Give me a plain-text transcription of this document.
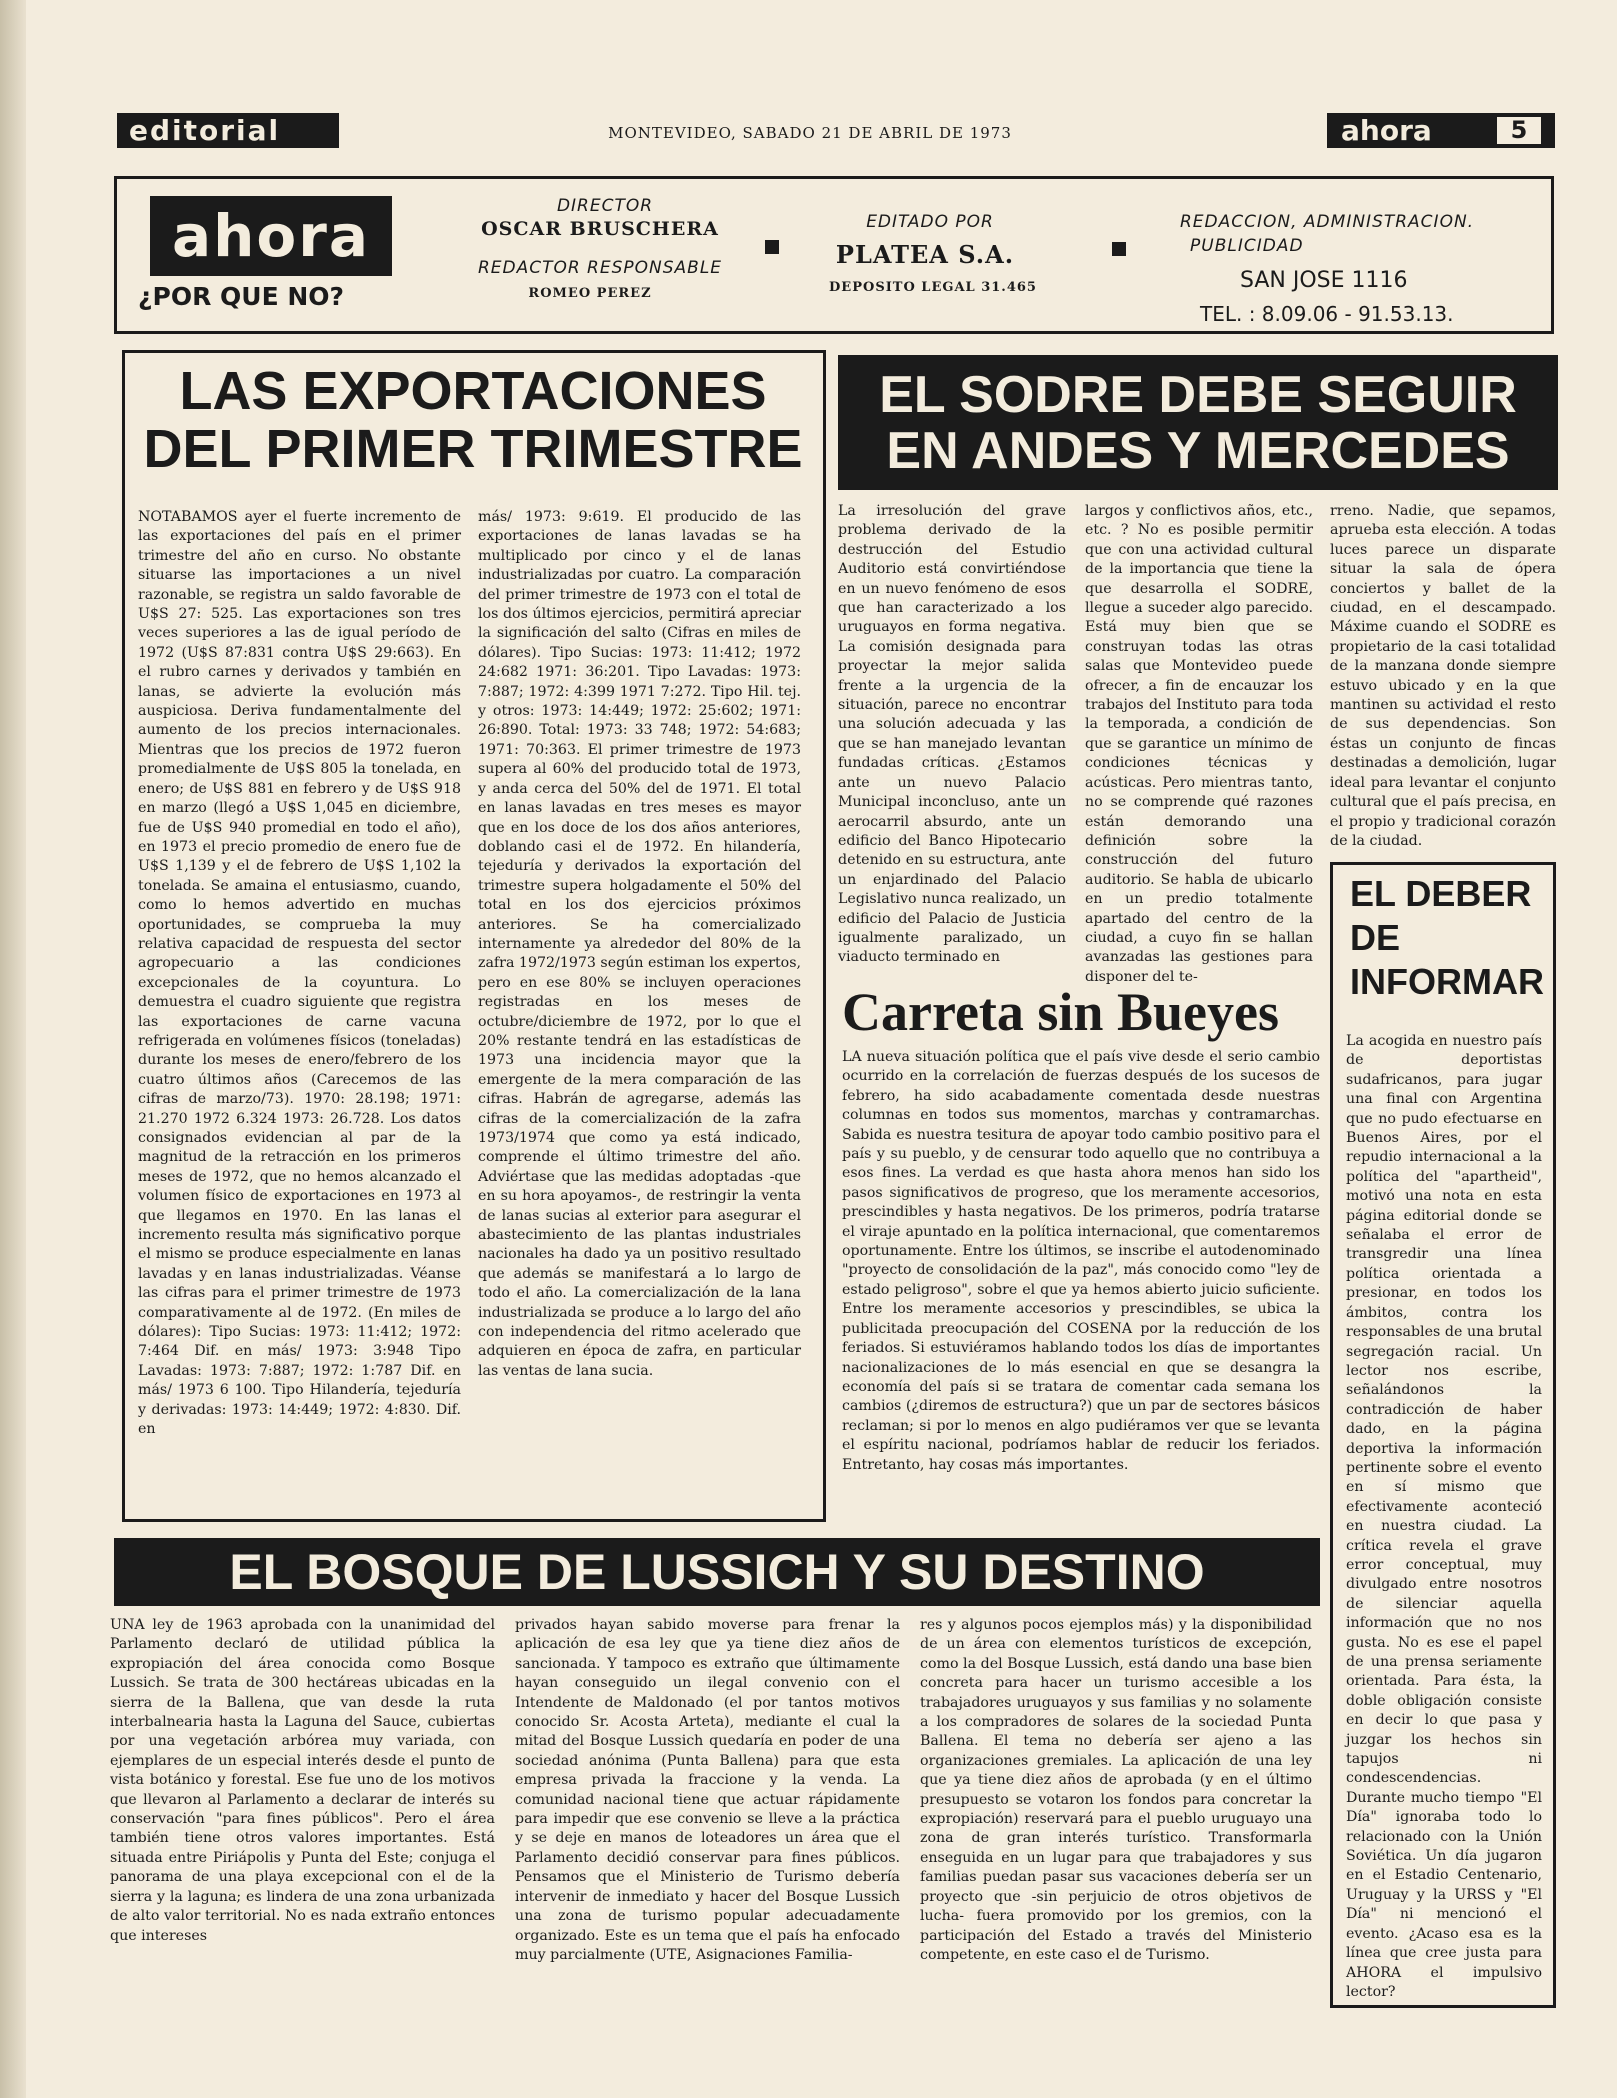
editorial	MONTEVIDEO, SABADO 21 DE ABRIL DE 1973	ahora	5
ahora
¿POR QUE NO?
DIRECTOR
OSCAR BRUSCHERA
REDACTOR RESPONSABLE
ROMEO PEREZ
EDITADO POR
PLATEA S.A.
DEPOSITO LEGAL 31.465
REDACCION, ADMINISTRACION.
PUBLICIDAD
SAN JOSE 1116
TEL. : 8.09.06 - 91.53.13.
LAS EXPORTACIONES DEL PRIMER TRIMESTRE
NOTABAMOS ayer el fuerte incremento de las exportaciones del país en el primer trimestre del año en curso. No obstante situarse las importaciones a un nivel razonable, se registra un saldo favorable de U$S 27: 525. Las exportaciones son tres veces superiores a las de igual período de 1972 (U$S 87:831 contra U$S 29:663). En el rubro carnes y derivados y también en lanas, se advierte la evolución más auspiciosa. Deriva fundamentalmente del aumento de los precios internacionales. Mientras que los precios de 1972 fueron promedialmente de U$S 805 la tonelada, en enero; de U$S 881 en febrero y de U$S 918 en marzo (llegó a U$S 1,045 en diciembre, fue de U$S 940 promedial en todo el año), en 1973 el precio promedio de enero fue de U$S 1,139 y el de febrero de U$S 1,102 la tonelada. Se amaina el entusiasmo, cuando, como lo hemos advertido en muchas oportunidades, se comprueba la muy relativa capacidad de respuesta del sector agropecuario a las condiciones excepcionales de la coyuntura. Lo demuestra el cuadro siguiente que registra las exportaciones de carne vacuna refrigerada en volúmenes físicos (toneladas) durante los meses de enero/febrero de los cuatro últimos años (Carecemos de las cifras de marzo/73). 1970: 28.198; 1971: 21.270 1972 6.324 1973: 26.728. Los datos consignados evidencian al par de la magnitud de la retracción en los primeros meses de 1972, que no hemos alcanzado el volumen físico de exportaciones en 1973 al que llegamos en 1970. En las lanas el incremento resulta más significativo porque el mismo se produce especialmente en lanas lavadas y en lanas industrializadas. Véanse las cifras para el primer trimestre de 1973 comparativamente al de 1972. (En miles de dólares): Tipo Sucias: 1973: 11:412; 1972: 7:464 Dif. en más/ 1973: 3:948 Tipo Lavadas: 1973: 7:887; 1972: 1:787 Dif. en más/ 1973 6 100. Tipo Hilandería, tejeduría y derivadas: 1973: 14:449; 1972: 4:830. Dif. en
más/ 1973: 9:619. El producido de las exportaciones de lanas lavadas se ha multiplicado por cinco y el de lanas industrializadas por cuatro. La comparación del primer trimestre de 1973 con el total de los dos últimos ejercicios, permitirá apreciar la significación del salto (Cifras en miles de dólares). Tipo Sucias: 1973: 11:412; 1972 24:682 1971: 36:201. Tipo Lavadas: 1973: 7:887; 1972: 4:399 1971 7:272. Tipo Hil. tej. y otros: 1973: 14:449; 1972: 25:602; 1971: 26:890. Total: 1973: 33 748; 1972: 54:683; 1971: 70:363. El primer trimestre de 1973 supera al 60% del producido total de 1973, y anda cerca del 50% del de 1971. El total en lanas lavadas en tres meses es mayor que en los doce de los dos años anteriores, doblando casi el de 1972. En hilandería, tejeduría y derivados la exportación del trimestre supera holgadamente el 50% del total en los dos ejercicios próximos anteriores. Se ha comercializado internamente ya alrededor del 80% de la zafra 1972/1973 según estiman los expertos, pero en ese 80% se incluyen operaciones registradas en los meses de octubre/diciembre de 1972, por lo que el 20% restante tendrá en las estadísticas de 1973 una incidencia mayor que la emergente de la mera comparación de las cifras. Habrán de agregarse, además las cifras de la comercialización de la zafra 1973/1974 que como ya está indicado, comprende el último trimestre del año. Adviértase que las medidas adoptadas -que en su hora apoyamos-, de restringir la venta de lanas sucias al exterior para asegurar el abastecimiento de las plantas industriales nacionales ha dado ya un positivo resultado que además se manifestará a lo largo de todo el año. La comercialización de la lana industrializada se produce a lo largo del año con independencia del ritmo acelerado que adquieren en época de zafra, en particular las ventas de lana sucia.
EL SODRE DEBE SEGUIR EN ANDES Y MERCEDES
La irresolución del grave problema derivado de la destrucción del Estudio Auditorio está convirtiéndose en un nuevo fenómeno de esos que han caracterizado a los uruguayos en forma negativa. La comisión designada para proyectar la mejor salida frente a la urgencia de la situación, parece no encontrar una solución adecuada y las que se han manejado levantan fundadas críticas. ¿Estamos ante un nuevo Palacio Municipal inconcluso, ante un aerocarril absurdo, ante un edificio del Banco Hipotecario detenido en su estructura, ante un enjardinado del Palacio Legislativo nunca realizado, un edificio del Palacio de Justicia igualmente paralizado, un viaducto terminado en
largos y conflictivos años, etc., etc. ? No es posible permitir que con una actividad cultural de la importancia que tiene la que desarrolla el SODRE, llegue a suceder algo parecido. Está muy bien que se construyan todas las otras salas que Montevideo puede ofrecer, a fin de encauzar los trabajos del Instituto para toda la temporada, a condición de que se garantice un mínimo de condiciones técnicas y acústicas. Pero mientras tanto, no se comprende qué razones están demorando una definición sobre la construcción del futuro auditorio. Se habla de ubicarlo en un predio totalmente apartado del centro de la ciudad, a cuyo fin se hallan avanzadas las gestiones para disponer del te-
rreno. Nadie, que sepamos, aprueba esta elección. A todas luces parece un disparate situar la sala de ópera conciertos y ballet de la ciudad, en el descampado. Máxime cuando el SODRE es propietario de la casi totalidad de la manzana donde siempre estuvo ubicado y en la que mantinen su actividad el resto de sus dependencias. Son éstas un conjunto de fincas destinadas a demolición, lugar ideal para levantar el conjunto cultural que el país precisa, en el propio y tradicional corazón de la ciudad.
Carreta sin Bueyes
LA nueva situación política que el país vive desde el serio cambio ocurrido en la correlación de fuerzas después de los sucesos de febrero, ha sido acabadamente comentada desde nuestras columnas en todos sus momentos, marchas y contramarchas. Sabida es nuestra tesitura de apoyar todo cambio positivo para el país y su pueblo, y de censurar todo aquello que no contribuya a esos fines. La verdad es que hasta ahora menos han sido los pasos significativos de progreso, que los meramente accesorios, prescindibles y hasta negativos. De los primeros, podría tratarse el viraje apuntado en la política internacional, que comentaremos oportunamente. Entre los últimos, se inscribe el autodenominado "proyecto de consolidación de la paz", más conocido como "ley de estado peligroso", sobre el que ya hemos abierto juicio suficiente. Entre los meramente accesorios y prescindibles, se ubica la publicitada preocupación del COSENA por la reducción de los feriados. Si estuviéramos hablando todos los días de importantes nacionalizaciones de lo más esencial en que se desangra la economía del país si se tratara de comentar cada semana los cambios (¿diremos de estructura?) que un par de sectores básicos reclaman; si por lo menos en algo pudiéramos ver que se levanta el espíritu nacional, podríamos hablar de reducir los feriados. Entretanto, hay cosas más importantes.
EL DEBER
DE
INFORMAR
La acogida en nuestro país de deportistas sudafricanos, para jugar una final con Argentina que no pudo efectuarse en Buenos Aires, por el repudio internacional a la política del "apartheid", motivó una nota en esta página editorial donde se señalaba el error de transgredir una línea política orientada a presionar, en todos los ámbitos, contra los responsables de una brutal segregación racial. Un lector nos escribe, señalándonos la contradicción de haber dado, en la página deportiva la información pertinente sobre el evento en sí mismo que efectivamente aconteció en nuestra ciudad. La crítica revela el grave error conceptual, muy divulgado entre nosotros de silenciar aquella información que no nos gusta. No es ese el papel de una prensa seriamente orientada. Para ésta, la doble obligación consiste en decir lo que pasa y juzgar los hechos sin tapujos ni condescendencias. Durante mucho tiempo "El Día" ignoraba todo lo relacionado con la Unión Soviética. Un día jugaron en el Estadio Centenario, Uruguay y la URSS y "El Día" ni mencionó el evento. ¿Acaso esa es la línea que cree justa para AHORA el impulsivo lector?
EL BOSQUE DE LUSSICH Y SU DESTINO
UNA ley de 1963 aprobada con la unanimidad del Parlamento declaró de utilidad pública la expropiación del área conocida como Bosque Lussich. Se trata de 300 hectáreas ubicadas en la sierra de la Ballena, que van desde la ruta interbalnearia hasta la Laguna del Sauce, cubiertas por una vegetación arbórea muy variada, con ejemplares de un especial interés desde el punto de vista botánico y forestal. Ese fue uno de los motivos que llevaron al Parlamento a declarar de interés su conservación "para fines públicos". Pero el área también tiene otros valores importantes. Está situada entre Piriápolis y Punta del Este; conjuga el panorama de una playa excepcional con el de la sierra y la laguna; es lindera de una zona urbanizada de alto valor territorial. No es nada extraño entonces que intereses
privados hayan sabido moverse para frenar la aplicación de esa ley que ya tiene diez años de sancionada. Y tampoco es extraño que últimamente hayan conseguido un ilegal convenio con el Intendente de Maldonado (el por tantos motivos conocido Sr. Acosta Arteta), mediante el cual la mitad del Bosque Lussich quedaría en poder de una sociedad anónima (Punta Ballena) para que esta empresa privada la fraccione y la venda. La comunidad nacional tiene que actuar rápidamente para impedir que ese convenio se lleve a la práctica y se deje en manos de loteadores un área que el Parlamento decidió conservar para fines públicos. Pensamos que el Ministerio de Turismo debería intervenir de inmediato y hacer del Bosque Lussich una zona de turismo popular adecuadamente organizado. Este es un tema que el país ha enfocado muy parcialmente (UTE, Asignaciones Familia-
res y algunos pocos ejemplos más) y la disponibilidad de un área con elementos turísticos de excepción, como la del Bosque Lussich, está dando una base bien concreta para hacer un turismo accesible a los trabajadores uruguayos y sus familias y no solamente a los compradores de solares de la sociedad Punta Ballena. El tema no debería ser ajeno a las organizaciones gremiales. La aplicación de una ley que ya tiene diez años de aprobada (y en el último presupuesto se votaron los fondos para concretar la expropiación) reservará para el pueblo uruguayo una zona de gran interés turístico. Transformarla enseguida en un lugar para que trabajadores y sus familias puedan pasar sus vacaciones debería ser un proyecto que -sin perjuicio de otros objetivos de lucha- fuera promovido por los gremios, con la participación del Estado a través del Ministerio competente, en este caso el de Turismo.
